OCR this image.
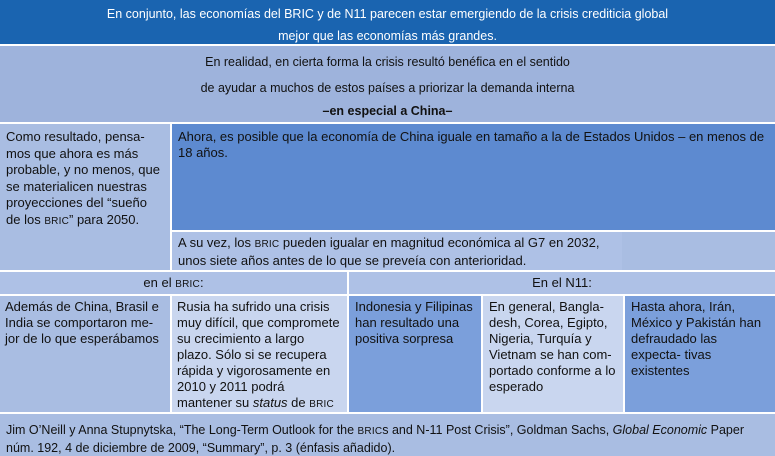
En conjunto, las economías del BRIC y de N11 parecen estar emergiendo de la crisis crediticia global
mejor que las economías más grandes.
En realidad, en cierta forma la crisis resultó benéfica en el sentido
de ayudar a muchos de estos países a priorizar la demanda interna
–en especial a China–
Como resultado, pensa-
mos que ahora es más
probable, y no menos, que
se materialicen nuestras
proyecciones del “sueño
de los BRIC” para 2050.
Ahora, es posible que la economía de China iguale en tamaño a la de Estados Unidos – en menos de 18 años.
A su vez, los BRIC pueden igualar en magnitud económica al G7 en 2032, unos siete años antes de lo que se preveía con anterioridad.
en el BRIC:	En el N11:
Además de China, Brasil e India se comportaron me- jor de lo que esperábamos
Rusia ha sufrido una crisis muy difícil, que compromete su crecimiento a largo plazo. Sólo si se recupera rápida y vigorosamente en 2010 y 2011 podrá mantener su status de BRIC
Indonesia y Filipinas han resultado una positiva sorpresa
En general, Bangla- desh, Corea, Egipto, Nigeria, Turquía y Vietnam se han com- portado conforme a lo esperado
Hasta ahora, Irán, México y Pakistán han defraudado las expecta- tivas existentes
Jim O’Neill y Anna Stupnytska, “The Long-Term Outlook for the BRICs and N-11 Post Crisis”, Goldman Sachs, Global Economic Paper núm. 192, 4 de diciembre de 2009, “Summary”, p. 3 (énfasis añadido).
